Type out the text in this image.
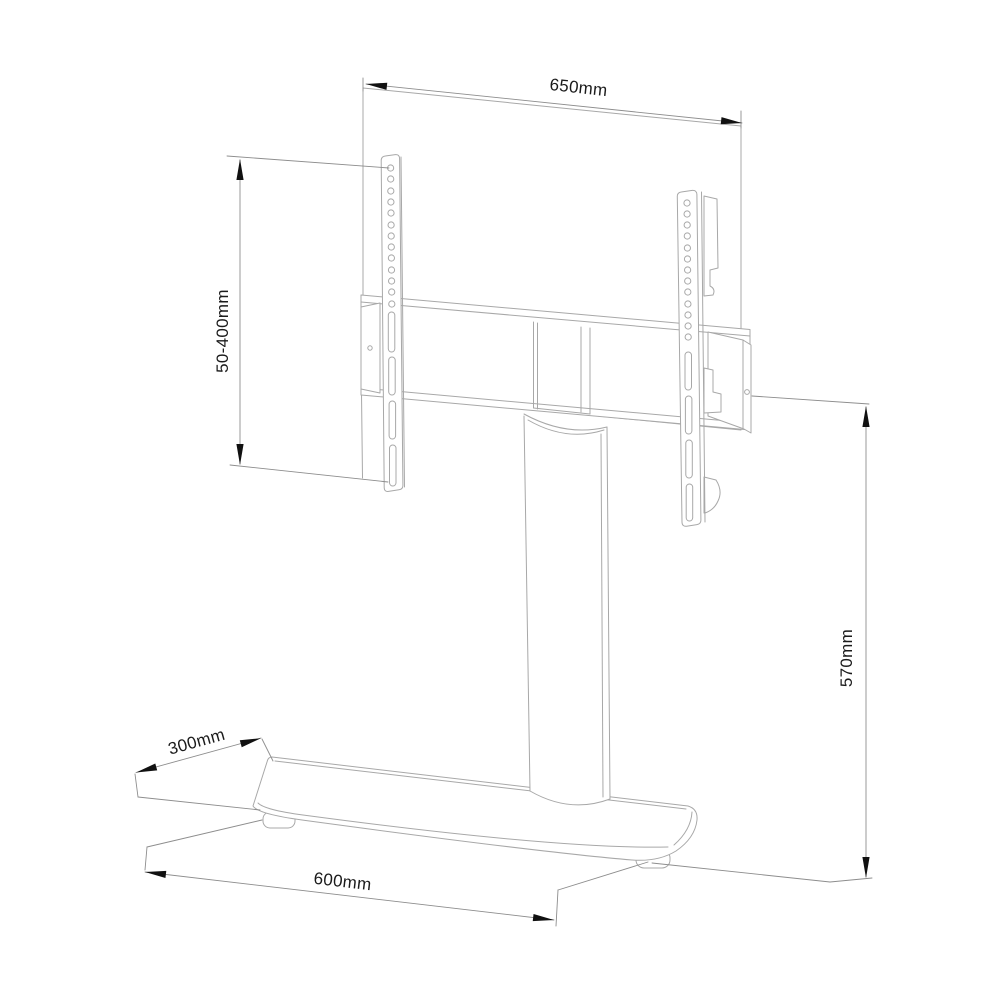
650mm
50-400mm
570mm
300mm
600mm
